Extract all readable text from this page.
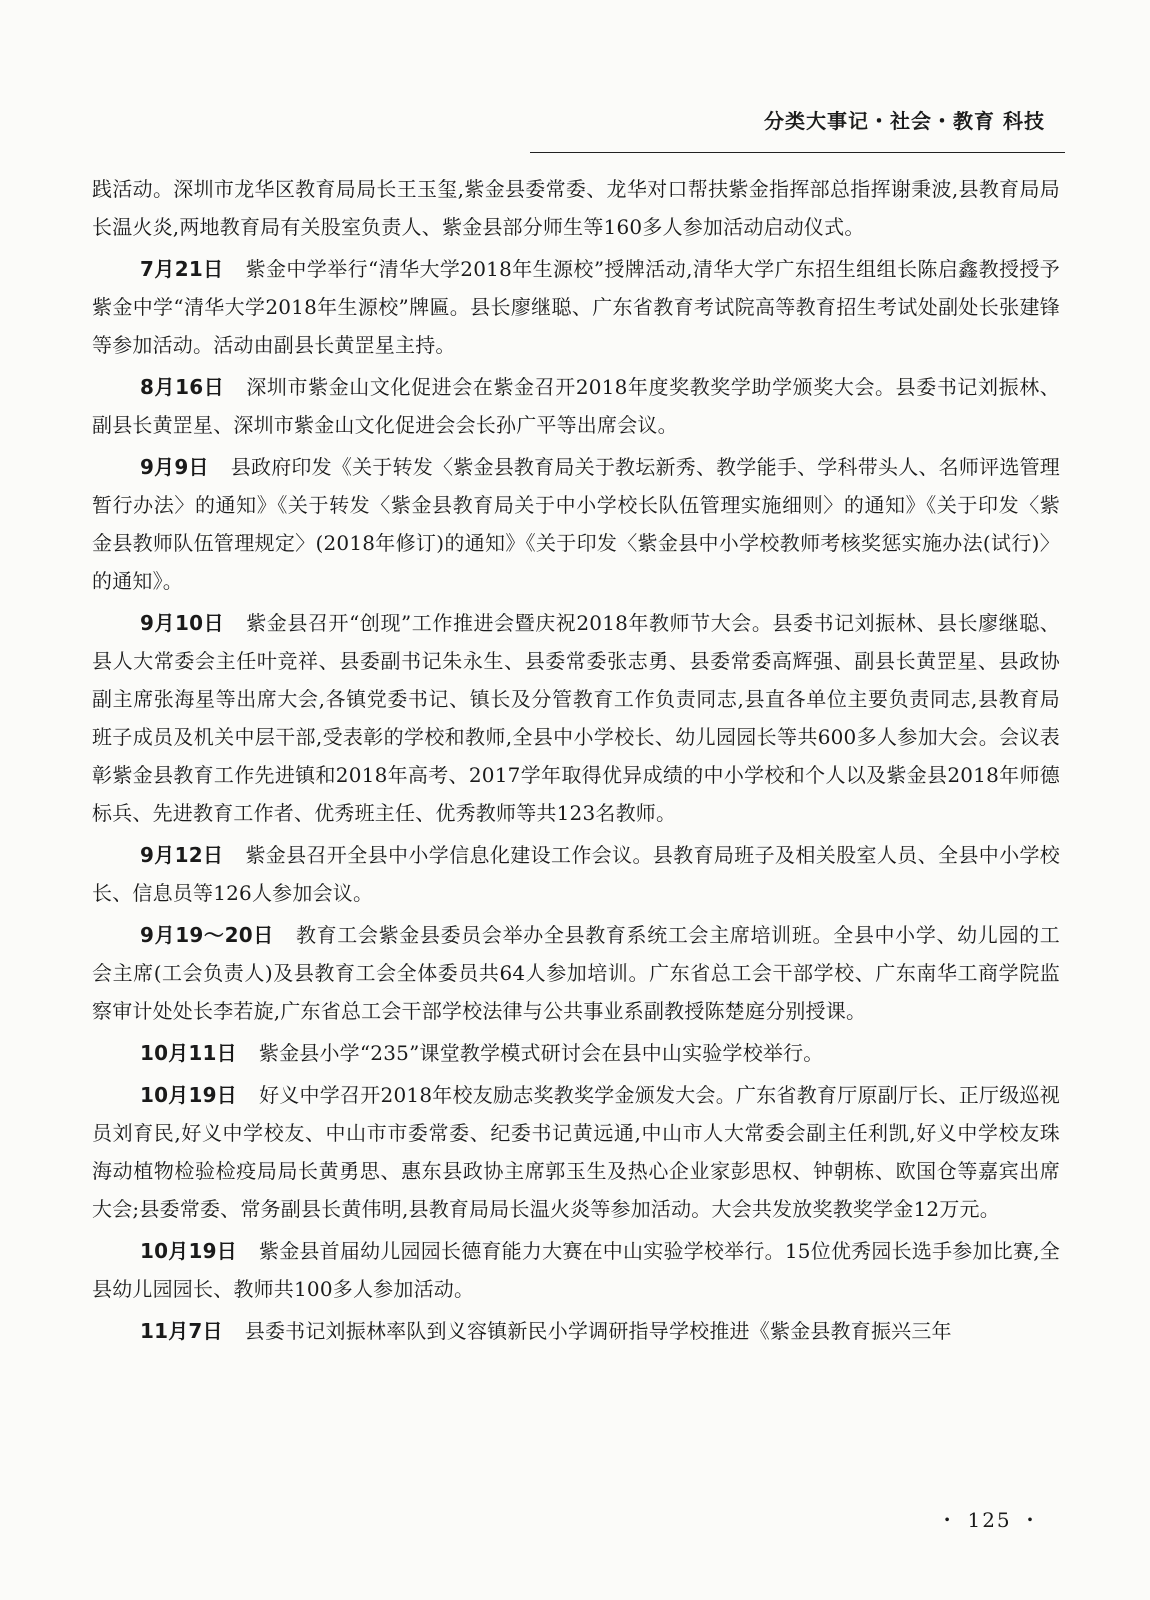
分类大事记・社会・教育 科技

践活动。深圳市龙华区教育局局长王玉玺,紫金县委常委、龙华对口帮扶紫金指挥部总指挥谢秉波,县教育局局长温火炎,两地教育局有关股室负责人、紫金县部分师生等160多人参加活动启动仪式。

7月21日 紫金中学举行“清华大学2018年生源校”授牌活动,清华大学广东招生组组长陈启鑫教授授予紫金中学“清华大学2018年生源校”牌匾。县长廖继聪、广东省教育考试院高等教育招生考试处副处长张建锋等参加活动。活动由副县长黄罡星主持。

8月16日 深圳市紫金山文化促进会在紫金召开2018年度奖教奖学助学颁奖大会。县委书记刘振林、副县长黄罡星、深圳市紫金山文化促进会会长孙广平等出席会议。

9月9日 县政府印发《关于转发〈紫金县教育局关于教坛新秀、教学能手、学科带头人、名师评选管理暂行办法〉的通知》《关于转发〈紫金县教育局关于中小学校长队伍管理实施细则〉的通知》《关于印发〈紫金县教师队伍管理规定〉(2018年修订)的通知》《关于印发〈紫金县中小学校教师考核奖惩实施办法(试行)〉的通知》。

9月10日 紫金县召开“创现”工作推进会暨庆祝2018年教师节大会。县委书记刘振林、县长廖继聪、县人大常委会主任叶竞祥、县委副书记朱永生、县委常委张志勇、县委常委高辉强、副县长黄罡星、县政协副主席张海星等出席大会,各镇党委书记、镇长及分管教育工作负责同志,县直各单位主要负责同志,县教育局班子成员及机关中层干部,受表彰的学校和教师,全县中小学校长、幼儿园园长等共600多人参加大会。会议表彰紫金县教育工作先进镇和2018年高考、2017学年取得优异成绩的中小学校和个人以及紫金县2018年师德标兵、先进教育工作者、优秀班主任、优秀教师等共123名教师。

9月12日 紫金县召开全县中小学信息化建设工作会议。县教育局班子及相关股室人员、全县中小学校长、信息员等126人参加会议。

9月19～20日 教育工会紫金县委员会举办全县教育系统工会主席培训班。全县中小学、幼儿园的工会主席(工会负责人)及县教育工会全体委员共64人参加培训。广东省总工会干部学校、广东南华工商学院监察审计处处长李若旋,广东省总工会干部学校法律与公共事业系副教授陈楚庭分别授课。

10月11日 紫金县小学“235”课堂教学模式研讨会在县中山实验学校举行。

10月19日 好义中学召开2018年校友励志奖教奖学金颁发大会。广东省教育厅原副厅长、正厅级巡视员刘育民,好义中学校友、中山市市委常委、纪委书记黄远通,中山市人大常委会副主任利凯,好义中学校友珠海动植物检验检疫局局长黄勇思、惠东县政协主席郭玉生及热心企业家彭思权、钟朝栋、欧国仓等嘉宾出席大会;县委常委、常务副县长黄伟明,县教育局局长温火炎等参加活动。大会共发放奖教奖学金12万元。

10月19日 紫金县首届幼儿园园长德育能力大赛在中山实验学校举行。15位优秀园长选手参加比赛,全县幼儿园园长、教师共100多人参加活动。

11月7日 县委书记刘振林率队到义容镇新民小学调研指导学校推进《紫金县教育振兴三年

・ 125 ・
